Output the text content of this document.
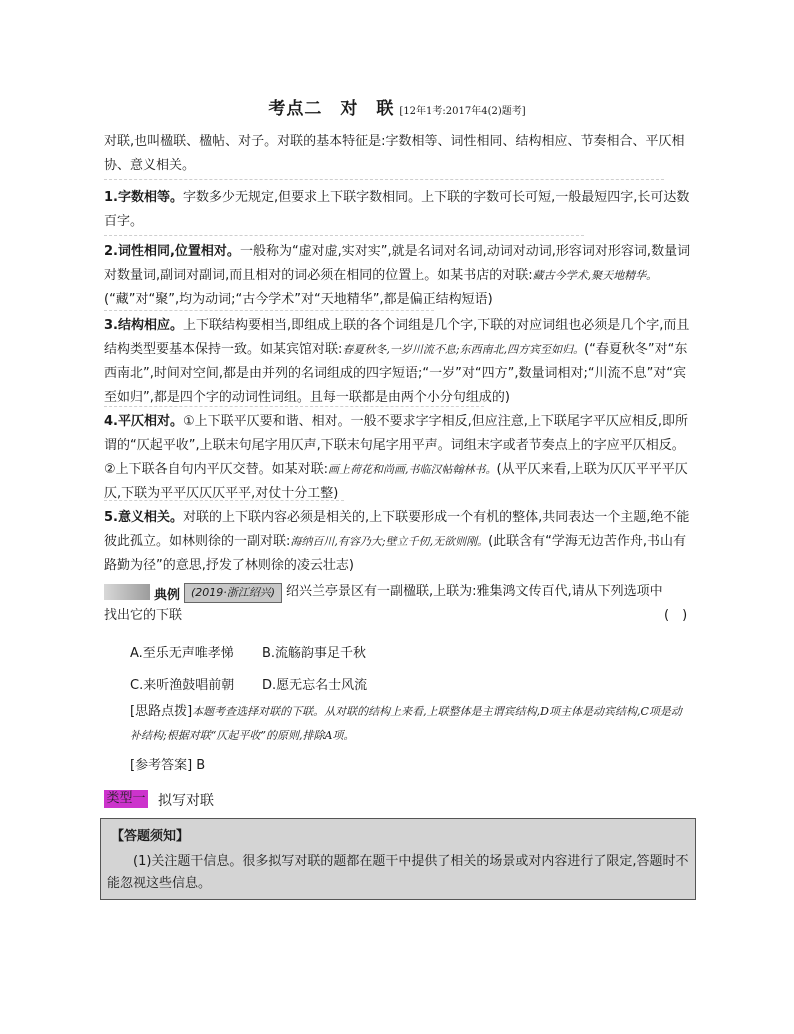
考点二　对　联 [12年1考:2017年4(2)题考]
对联,也叫楹联、楹帖、对子。对联的基本特征是:字数相等、词性相同、结构相应、节奏相合、平仄相协、意义相关。
1.字数相等。字数多少无规定,但要求上下联字数相同。上下联的字数可长可短,一般最短四字,长可达数百字。
2.词性相同,位置相对。一般称为“虚对虚,实对实”,就是名词对名词,动词对动词,形容词对形容词,数量词对数量词,副词对副词,而且相对的词必须在相同的位置上。如某书店的对联:藏古今学术,聚天地精华。(“藏”对“聚”,均为动词;“古今学术”对“天地精华”,都是偏正结构短语)
3.结构相应。上下联结构要相当,即组成上联的各个词组是几个字,下联的对应词组也必须是几个字,而且结构类型要基本保持一致。如某宾馆对联:春夏秋冬,一岁川流不息;东西南北,四方宾至如归。(“春夏秋冬”对“东西南北”,时间对空间,都是由并列的名词组成的四字短语;“一岁”对“四方”,数量词相对;“川流不息”对“宾至如归”,都是四个字的动词性词组。且每一联都是由两个小分句组成的)
4.平仄相对。①上下联平仄要和谐、相对。一般不要求字字相反,但应注意,上下联尾字平仄应相反,即所谓的“仄起平收”,上联末句尾字用仄声,下联末句尾字用平声。词组末字或者节奏点上的字应平仄相反。②上下联各自句内平仄交替。如某对联:画上荷花和尚画,书临汉帖翰林书。(从平仄来看,上联为仄仄平平平仄仄,下联为平平仄仄仄平平,对仗十分工整)
5.意义相关。对联的上下联内容必须是相关的,上下联要形成一个有机的整体,共同表达一个主题,绝不能彼此孤立。如林则徐的一副对联:海纳百川,有容乃大;壁立千仞,无欲则刚。(此联含有“学海无边苦作舟,书山有路勤为径”的意思,抒发了林则徐的凌云壮志)
典例 (2019·浙江绍兴) 绍兴兰亭景区有一副楹联,上联为:雅集鸿文传百代,请从下列选项中找出它的下联	(　)
A.至乐无声唯孝悌 B.流觞韵事足千秋
C.来听渔鼓唱前朝 D.愿无忘名士风流
[思路点拨]本题考查选择对联的下联。从对联的结构上来看,上联整体是主谓宾结构,D项主体是动宾结构,C项是动补结构;根据对联“仄起平收”的原则,排除A项。
[参考答案] B
类型一 拟写对联
【答题须知】
(1)关注题干信息。很多拟写对联的题都在题干中提供了相关的场景或对内容进行了限定,答题时不能忽视这些信息。
